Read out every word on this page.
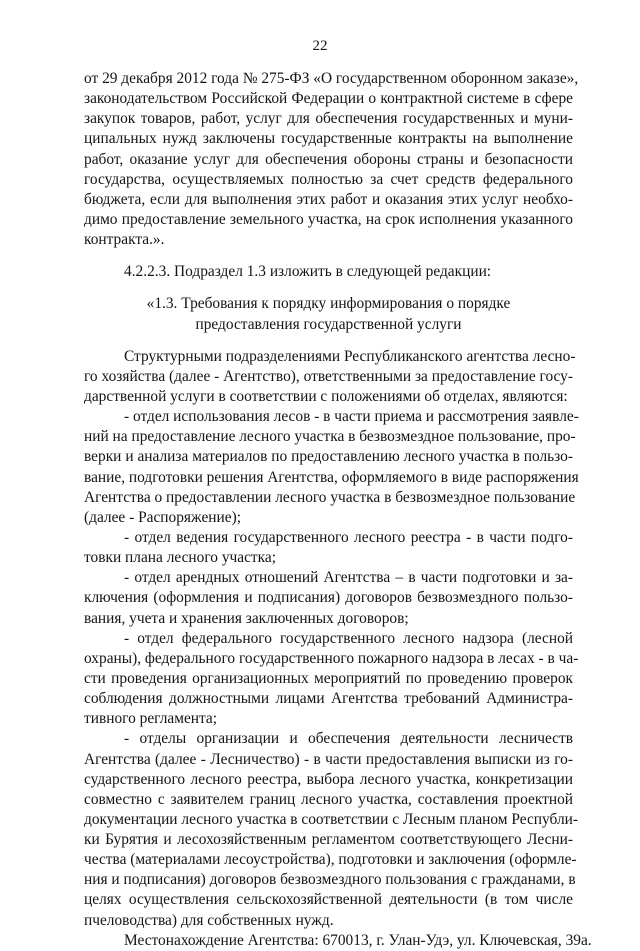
22
от 29 декабря 2012 года № 275-ФЗ «О государственном оборонном заказе»,
законодательством Российской Федерации о контрактной системе в сфере
закупок товаров, работ, услуг для обеспечения государственных и муни-
ципальных нужд заключены государственные контракты на выполнение
работ, оказание услуг для обеспечения обороны страны и безопасности
государства, осуществляемых полностью за счет средств федерального
бюджета, если для выполнения этих работ и оказания этих услуг необхо-
димо предоставление земельного участка, на срок исполнения указанного
контракта.».
4.2.2.3. Подраздел 1.3 изложить в следующей редакции:
«1.3. Требования к порядку информирования о порядке
предоставления государственной услуги
Структурными подразделениями Республиканского агентства лесно-
го хозяйства (далее - Агентство), ответственными за предоставление госу-
дарственной услуги в соответствии с положениями об отделах, являются:
- отдел использования лесов - в части приема и рассмотрения заявле-
ний на предоставление лесного участка в безвозмездное пользование, про-
верки и анализа материалов по предоставлению лесного участка в пользо-
вание, подготовки решения Агентства, оформляемого в виде распоряжения
Агентства о предоставлении лесного участка в безвозмездное пользование
(далее - Распоряжение);
- отдел ведения государственного лесного реестра - в части подго-
товки плана лесного участка;
- отдел арендных отношений Агентства – в части подготовки и за-
ключения (оформления и подписания) договоров безвозмездного пользо-
вания, учета и хранения заключенных договоров;
- отдел федерального государственного лесного надзора (лесной
охраны), федерального государственного пожарного надзора в лесах - в ча-
сти проведения организационных мероприятий по проведению проверок
соблюдения должностными лицами Агентства требований Администра-
тивного регламента;
- отделы организации и обеспечения деятельности лесничеств
Агентства (далее - Лесничество) - в части предоставления выписки из го-
сударственного лесного реестра, выбора лесного участка, конкретизации
совместно с заявителем границ лесного участка, составления проектной
документации лесного участка в соответствии с Лесным планом Республи-
ки Бурятия и лесохозяйственным регламентом соответствующего Лесни-
чества (материалами лесоустройства), подготовки и заключения (оформле-
ния и подписания) договоров безвозмездного пользования с гражданами, в
целях осуществления сельскохозяйственной деятельности (в том числе
пчеловодства) для собственных нужд.
Местонахождение Агентства: 670013, г. Улан-Удэ, ул. Ключевская, 39а.
